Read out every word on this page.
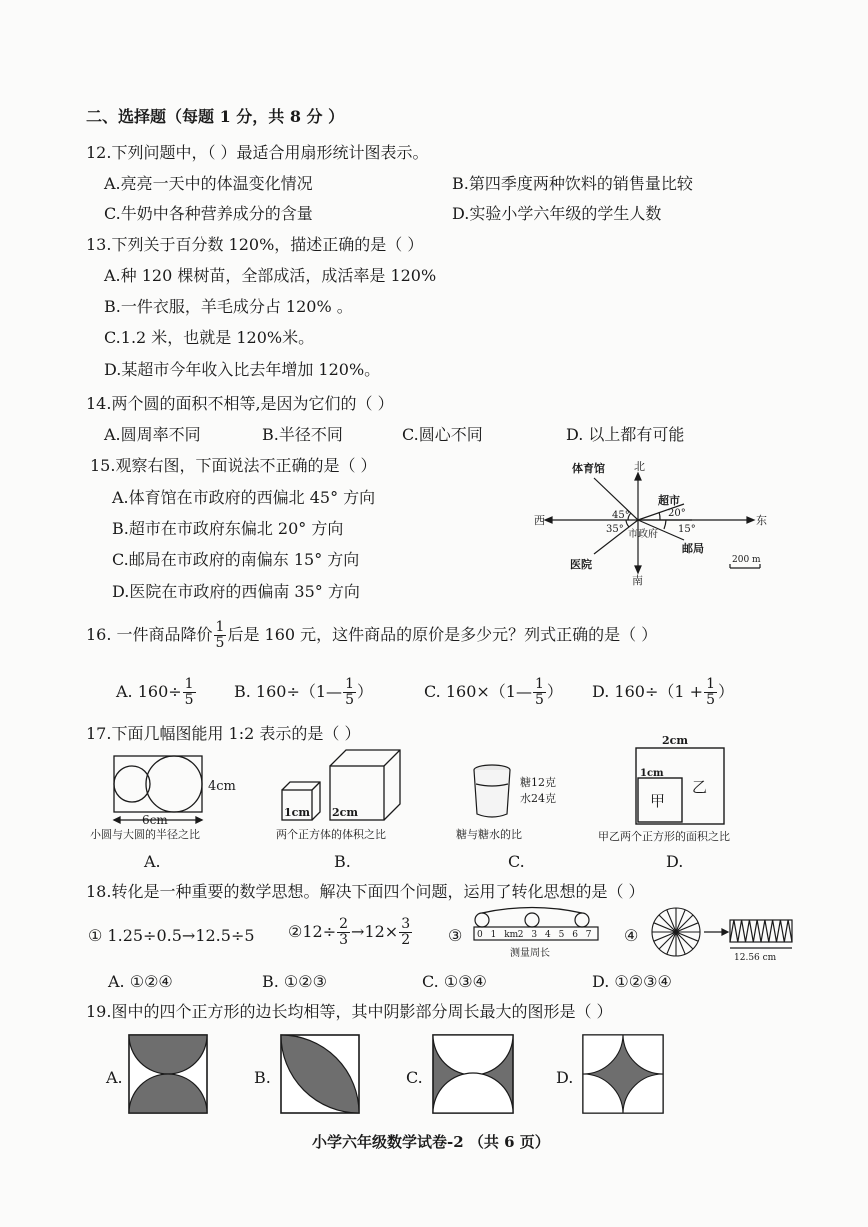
二、选择题（每题 1 分，共 8 分 ）
12.下列问题中，（ ）最适合用扇形统计图表示。
A.亮亮一天中的体温变化情况	B.第四季度两种饮料的销售量比较
C.牛奶中各种营养成分的含量	D.实验小学六年级的学生人数
13.下列关于百分数 120%，描述正确的是（ ）
A.种 120 棵树苗，全部成活，成活率是 120%
B.一件衣服，羊毛成分占 120% 。
C.1.2 米，也就是 120%米。
D.某超市今年收入比去年增加 120%。
14.两个圆的面积不相等,是因为它们的（ ）
A.圆周率不同	B.半径不同	C.圆心不同	D. 以上都有可能
15.观察右图，下面说法不正确的是（ ）
A.体育馆在市政府的西偏北 45° 方向
B.超市在市政府东偏北 20° 方向
C.邮局在市政府的南偏东 15° 方向
D.医院在市政府的西偏南 35° 方向
北
南
东
西
体育馆
超市
市政府
邮局
医院
45°
35°
20°
15°
200 m
16. 一件商品降价 $\frac{1}{5}$ 后是 160 元，这件商品的原价是多少元？列式正确的是（ ）
A. $160\div \frac{1}{5} B$. 160÷（1— $\frac{1}{5}$ ）	C. 160×（1— $\frac{1}{5}$ ） D. $160\div(1 + \frac{1}{5}$ ）
17.下面几幅图能用 1:2 表示的是（ ）
4cm
6cm
小圆与大圆的半径之比
A.
1cm 2cm
两个正方体的体积之比
B.
糖12克
水24克
糖与糖水的比
C.
2cm
1cm
甲
乙
甲乙两个正方形的面积之比
D.
18.转化是一种重要的数学思想。解决下面四个问题，运用了转化思想的是（ ）
① 1.25÷0.5→12.5÷5 ②12÷ $\frac{2}{3} \to 12\times \frac{3}{2}$ ③ 0 1 km 2 3 4 5 6 7
测量周长
④
12.56 cm
A. ①②④	B. ①②③	C. ①③④	D. ①②③④
19.图中的四个正方形的边长均相等，其中阴影部分周长最大的图形是（ ）
A.	B.	C.	D.
小学六年级数学试卷-2 （共 6 页）
